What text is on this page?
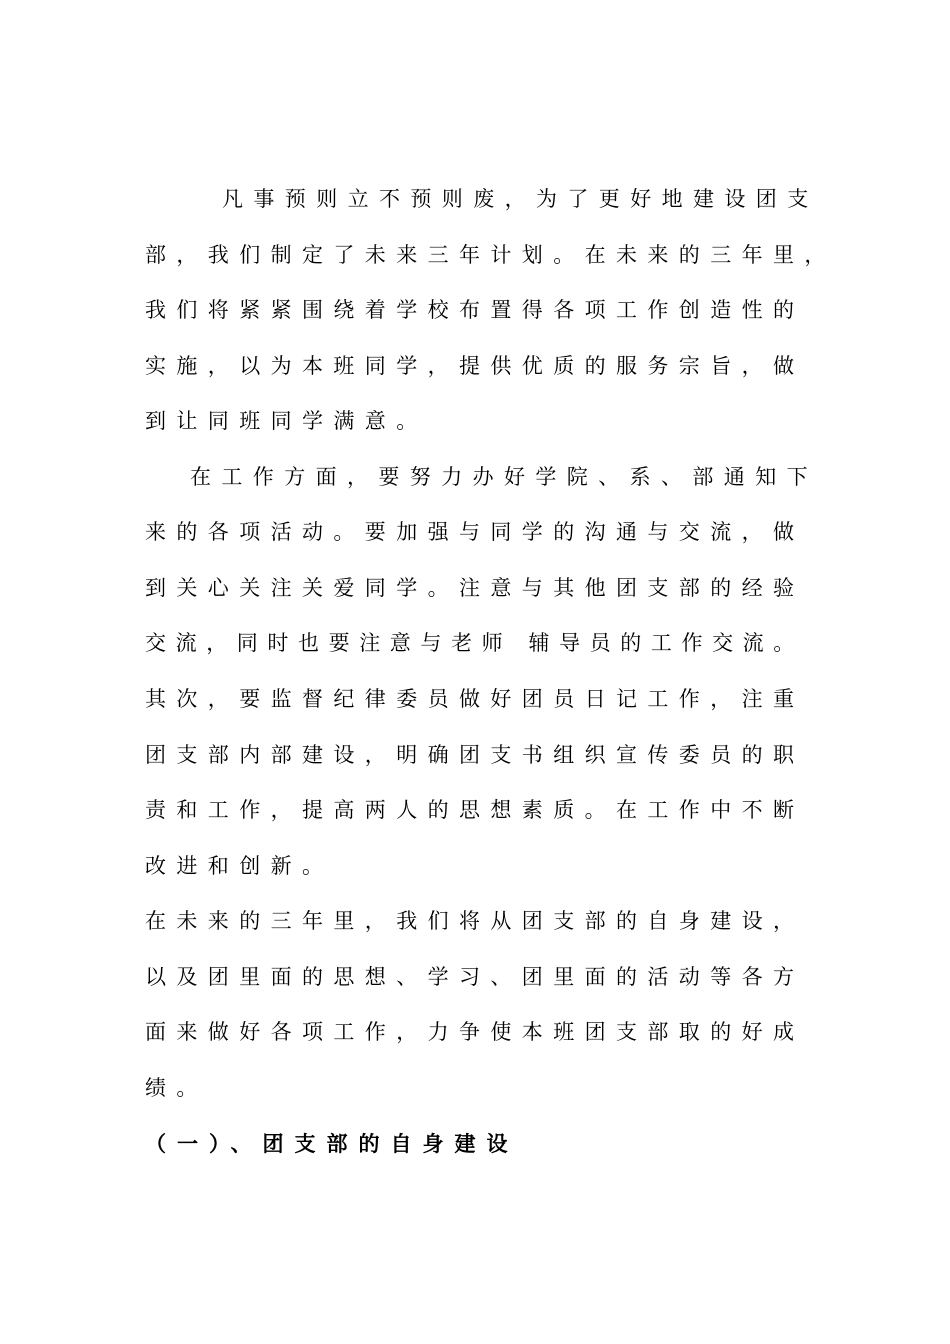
凡事预则立不预则废，为了更好地建设团支
部，我们制定了未来三年计划。在未来的三年里，
我们将紧紧围绕着学校布置得各项工作创造性的
实施，以为本班同学，提供优质的服务宗旨，做
到让同班同学满意。
在工作方面，要努力办好学院、系、部通知下
来的各项活动。要加强与同学的沟通与交流，做
到关心关注关爱同学。注意与其他团支部的经验
交流，同时也要注意与老师 辅导员的工作交流。
其次，要监督纪律委员做好团员日记工作，注重
团支部内部建设，明确团支书组织宣传委员的职
责和工作，提高两人的思想素质。在工作中不断
改进和创新。
在未来的三年里，我们将从团支部的自身建设，
以及团里面的思想、学习、团里面的活动等各方
面来做好各项工作，力争使本班团支部取的好成
绩。
（一）、团支部的自身建设
